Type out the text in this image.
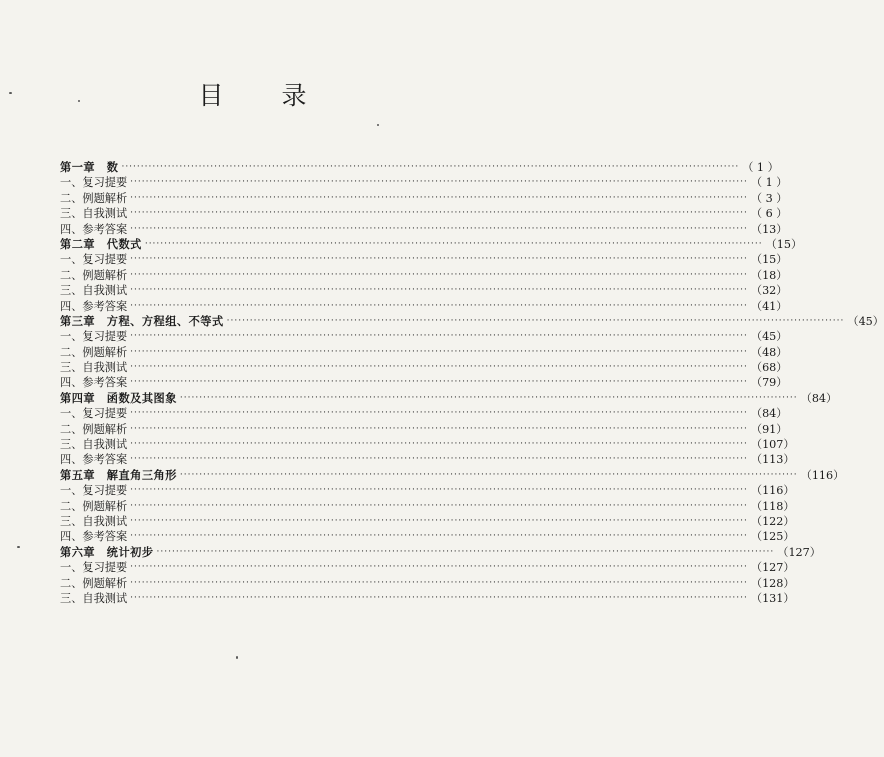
目 录
第一章　数 ································································································································································ （ 1 ）
一、复习提要 ································································································································································ （ 1 ）
二、例题解析 ································································································································································ （ 3 ）
三、自我测试 ································································································································································ （ 6 ）
四、参考答案 ································································································································································ （13）
第二章　代数式 ································································································································································ （15）
一、复习提要 ································································································································································ （15）
二、例题解析 ································································································································································ （18）
三、自我测试 ································································································································································ （32）
四、参考答案 ································································································································································ （41）
第三章　方程、方程组、不等式 ································································································································································ （45）
一、复习提要 ································································································································································ （45）
二、例题解析 ································································································································································ （48）
三、自我测试 ································································································································································ （68）
四、参考答案 ································································································································································ （79）
第四章　函数及其图象 ································································································································································ （84）
一、复习提要 ································································································································································ （84）
二、例题解析 ································································································································································ （91）
三、自我测试 ································································································································································ （107）
四、参考答案 ································································································································································ （113）
第五章　解直角三角形 ································································································································································ （116）
一、复习提要 ································································································································································ （116）
二、例题解析 ································································································································································ （118）
三、自我测试 ································································································································································ （122）
四、参考答案 ································································································································································ （125）
第六章　统计初步 ································································································································································ （127）
一、复习提要 ································································································································································ （127）
二、例题解析 ································································································································································ （128）
三、自我测试 ································································································································································ （131）
